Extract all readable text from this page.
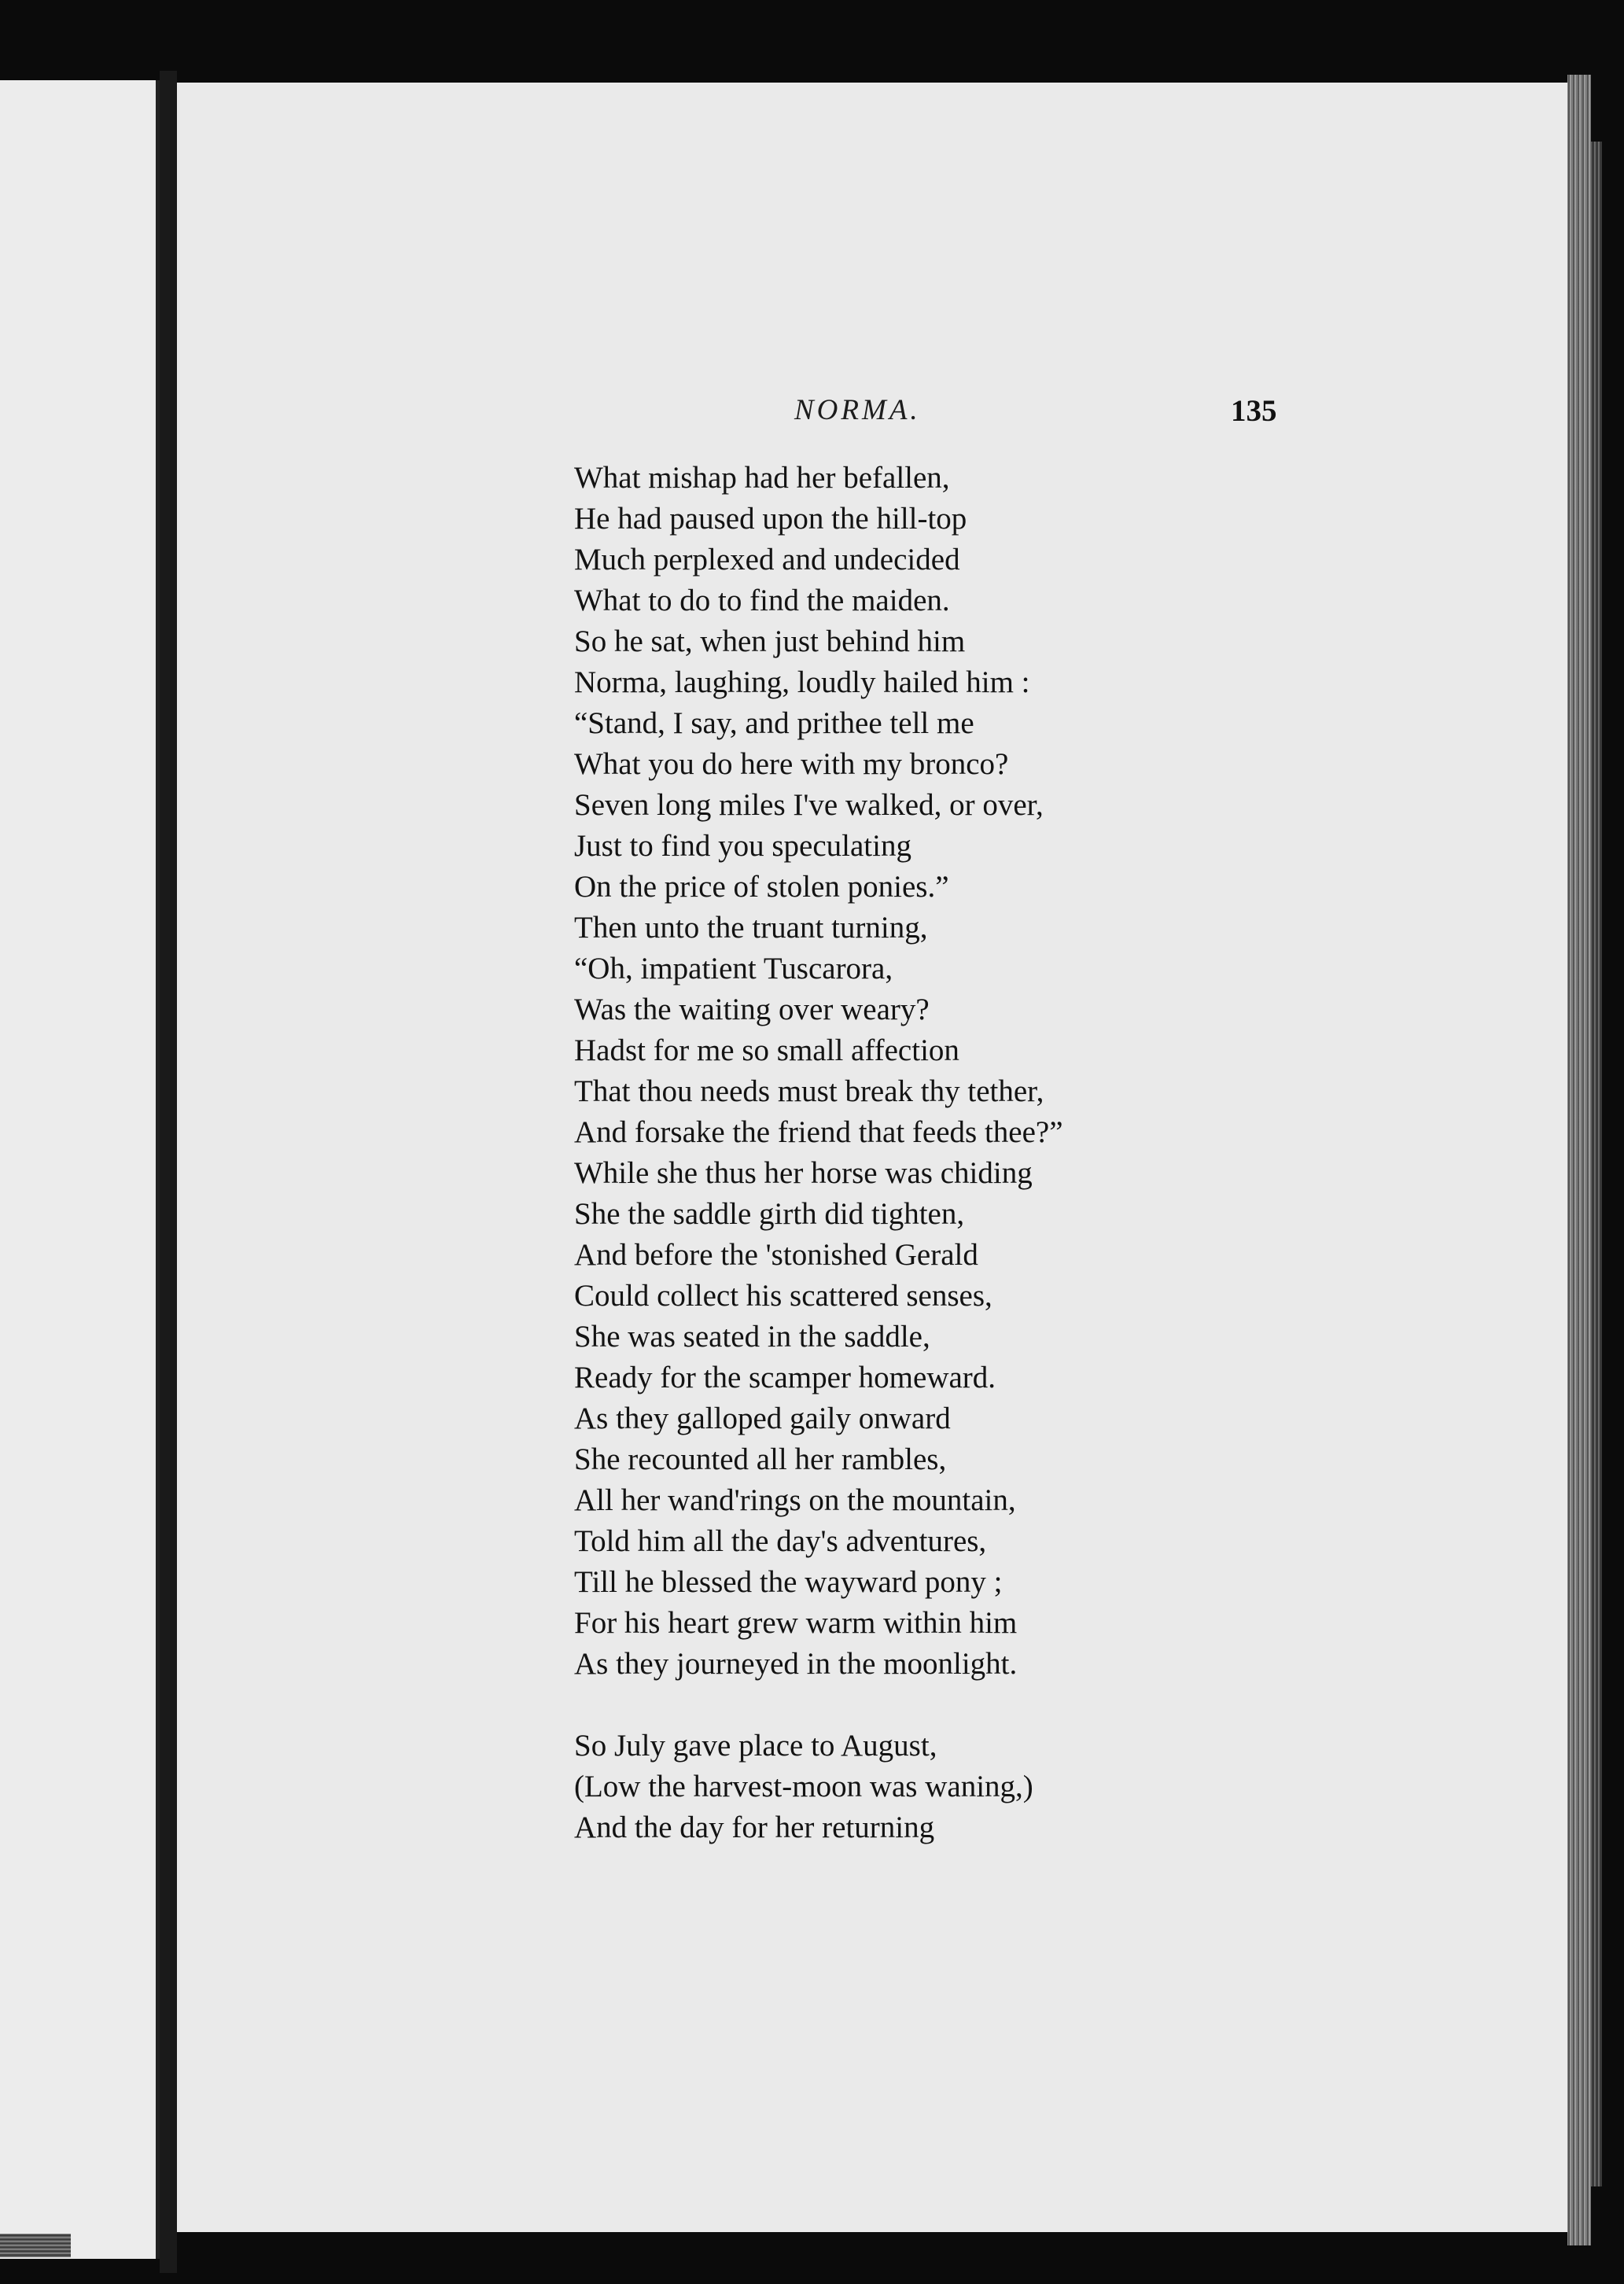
NORMA.	135
What mishap had her befallen,
He had paused upon the hill-top
Much perplexed and undecided
What to do to find the maiden.
So he sat, when just behind him
Norma, laughing, loudly hailed him :
“Stand, I say, and prithee tell me
What you do here with my bronco?
Seven long miles I've walked, or over,
Just to find you speculating
On the price of stolen ponies.”
Then unto the truant turning,
“Oh, impatient Tuscarora,
Was the waiting over weary?
Hadst for me so small affection
That thou needs must break thy tether,
And forsake the friend that feeds thee?”
While she thus her horse was chiding
She the saddle girth did tighten,
And before the 'stonished Gerald
Could collect his scattered senses,
She was seated in the saddle,
Ready for the scamper homeward.
As they galloped gaily onward
She recounted all her rambles,
All her wand'rings on the mountain,
Told him all the day's adventures,
Till he blessed the wayward pony ;
For his heart grew warm within him
As they journeyed in the moonlight.
So July gave place to August,
(Low the harvest-moon was waning,)
And the day for her returning
